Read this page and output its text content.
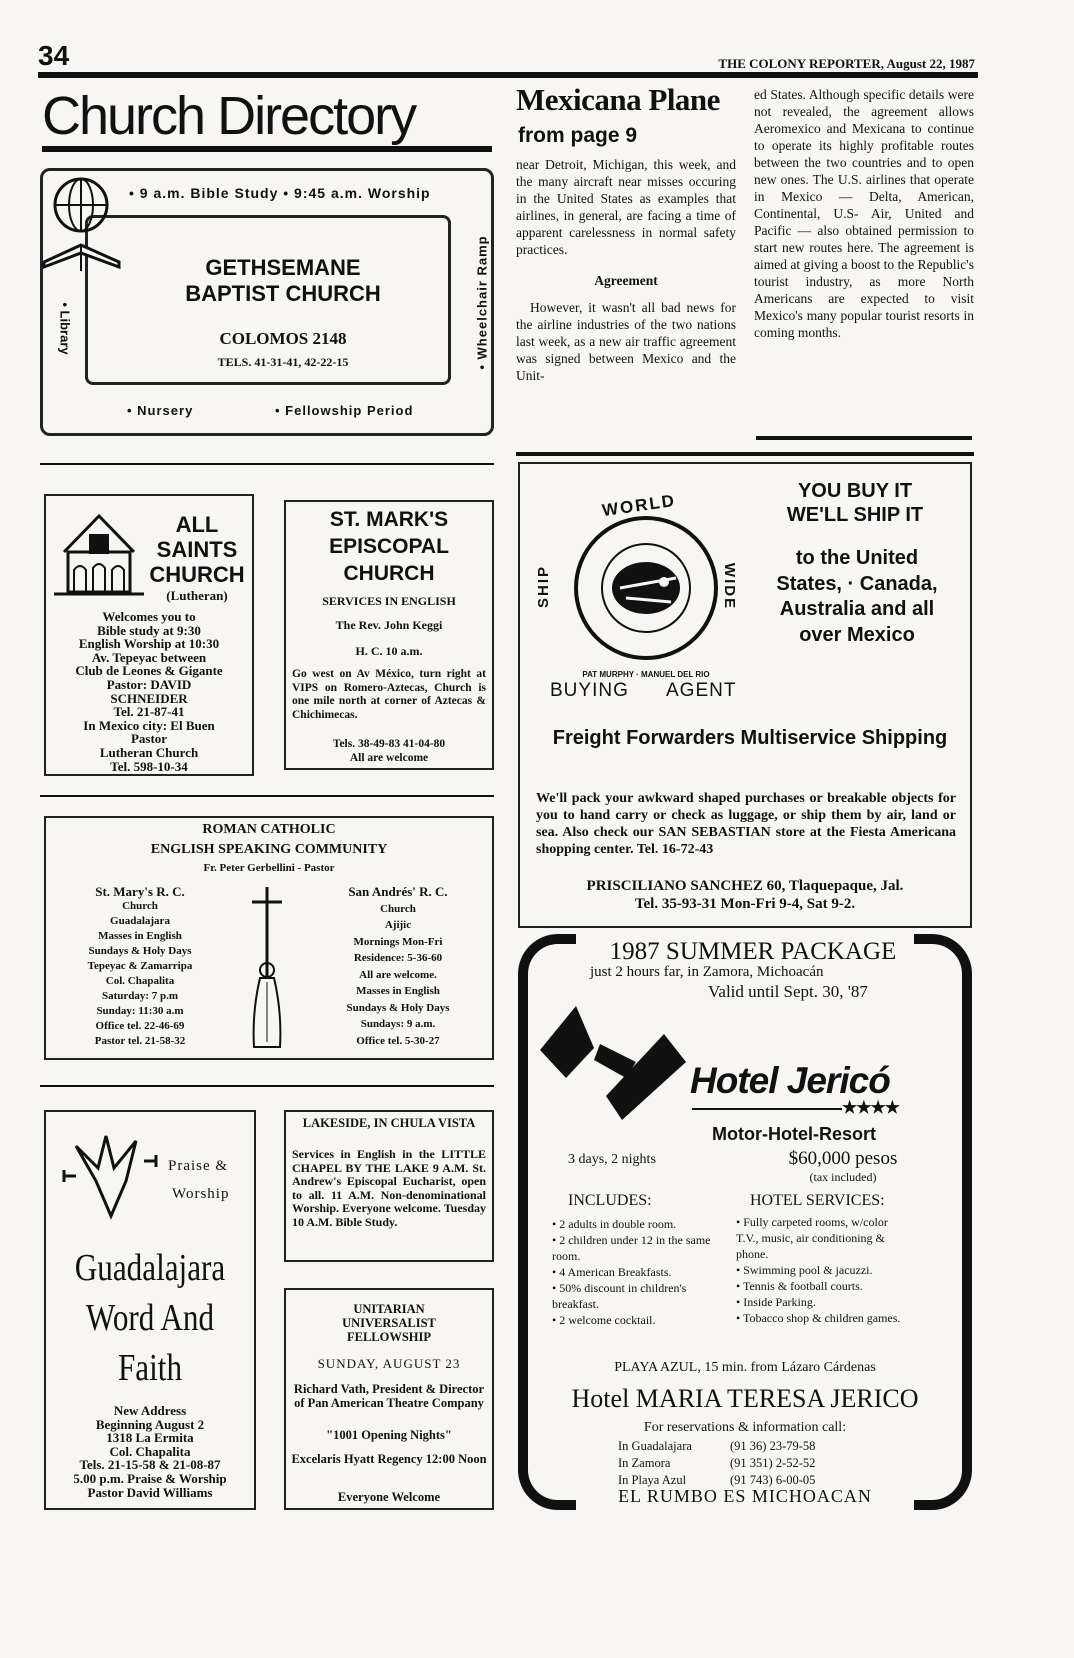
34	THE COLONY REPORTER, August 22, 1987
Church Directory
• 9 a.m. Bible Study • 9:45 a.m. Worship
GETHSEMANE
BAPTIST CHURCH
COLOMOS 2148
TELS. 41-31-41, 42-22-15
• Library	• Wheelchair Ramp
• Nursery	• Fellowship Period
Mexicana Plane
from page 9

near Detroit, Michigan, this week, and the many aircraft near misses occuring in the United States as examples that airlines, in general, are facing a time of apparent carelessness in normal safety practices.

Agreement

However, it wasn't all bad news for the airline industries of the two nations last week, as a new air traffic agreement was signed between Mexico and the Unit-

ed States. Although specific details were not revealed, the agreement allows Aeromexico and Mexicana to continue to operate its highly profitable routes between the two countries and to open new ones. The U.S. airlines that operate in Mexico — Delta, American, Continental, U.S- Air, United and Pacific — also obtained permission to start new routes here. The agreement is aimed at giving a boost to the Republic's tourist industry, as more North Americans are expected to visit Mexico's many popular tourist resorts in coming months.

ALL
SAINTS
CHURCH
(Lutheran)
Welcomes you to
Bible study at 9:30
English Worship at 10:30
Av. Tepeyac between
Club de Leones & Gigante
Pastor: DAVID
SCHNEIDER
Tel. 21-87-41
In Mexico city: El Buen
Pastor
Lutheran Church
Tel. 598-10-34
ST. MARK'S
EPISCOPAL
CHURCH
SERVICES IN ENGLISH
The Rev. John Keggi
H. C. 10 a.m.
Go west on Av México, turn right at VIPS on Romero-Aztecas, Church is one mile north at corner of Aztecas & Chichimecas.
Tels. 38-49-83 41-04-80
All are welcome
ROMAN CATHOLIC
ENGLISH SPEAKING COMMUNITY
Fr. Peter Gerbellini - Pastor
St. Mary's R. C.
Church
Guadalajara
Masses in English
Sundays & Holy Days
Tepeyac & Zamarripa
Col. Chapalita
Saturday: 7 p.m
Sunday: 11:30 a.m
Office tel. 22-46-69
Pastor tel. 21-58-32
San Andrés' R. C.
Church
Ajijic
Mornings Mon-Fri
Residence: 5-36-60
All are welcome.
Masses in English
Sundays & Holy Days
Sundays: 9 a.m.
Office tel. 5-30-27
Praise &
Worship
Guadalajara
Word And
Faith
New Address
Beginning August 2
1318 La Ermita
Col. Chapalita
Tels. 21-15-58 & 21-08-87
5.00 p.m. Praise & Worship
Pastor David Williams
LAKESIDE, IN CHULA VISTA
Services in English in the LITTLE CHAPEL BY THE LAKE 9 A.M. St. Andrew's Episcopal Eucharist, open to all. 11 A.M. Non-denominational Worship. Everyone welcome. Tuesday 10 A.M. Bible Study.
UNITARIAN UNIVERSALIST FELLOWSHIP
SUNDAY, AUGUST 23
Richard Vath, President & Director of Pan American Theatre Company
"1001 Opening Nights"
Excelaris Hyatt Regency 12:00 Noon
Everyone Welcome
WORLD
SHIP	WIDE
PAT MURPHY · MANUEL DEL RIO
BUYING AGENT
YOU BUY IT
WE'LL SHIP IT
to the United States, · Canada, Australia and all over Mexico
Freight Forwarders Multiservice Shipping
We'll pack your awkward shaped purchases or breakable objects for you to hand carry or check as luggage, or ship them by air, land or sea. Also check our SAN SEBASTIAN store at the Fiesta Americana shopping center. Tel. 16-72-43
PRISCILIANO SANCHEZ 60, Tlaquepaque, Jal.
Tel. 35-93-31 Mon-Fri 9-4, Sat 9-2.
1987 SUMMER PACKAGE
just 2 hours far, in Zamora, Michoacán
Valid until Sept. 30, '87
Hotel Jericó
★★★★
Motor-Hotel-Resort
3 days, 2 nights	$60,000 pesos
(tax included)
INCLUDES:
• 2 adults in double room.
• 2 children under 12 in the same room.
• 4 American Breakfasts.
• 50% discount in children's breakfast.
• 2 welcome cocktail.
HOTEL SERVICES:
• Fully carpeted rooms, w/color T.V., music, air conditioning & phone.
• Swimming pool & jacuzzi.
• Tennis & football courts.
• Inside Parking.
• Tobacco shop & children games.
PLAYA AZUL, 15 min. from Lázaro Cárdenas
Hotel MARIA TERESA JERICO
For reservations & information call:
In Guadalajara	(91 36) 23-79-58
In Zamora	(91 351) 2-52-52
In Playa Azul	(91 743) 6-00-05
EL RUMBO ES MICHOACAN
